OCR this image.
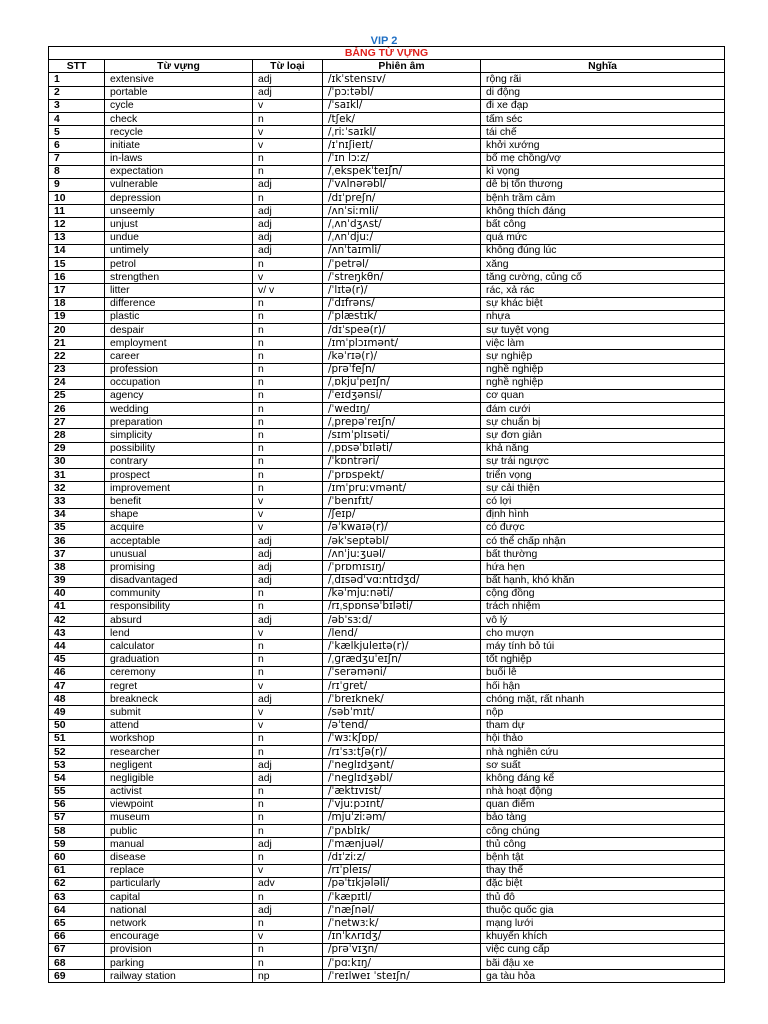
VIP 2
BẢNG TỪ VỰNG				
STT	Từ vựng	Từ loại	Phiên âm	Nghĩa
1	extensive	adj	/ɪkˈstensɪv/	rộng rãi
2	portable	adj	/ˈpɔːtəbl/	di động
3	cycle	v	/ˈsaɪkl/	đi xe đạp
4	check	n	/tʃek/	tấm séc
5	recycle	v	/ˌriːˈsaɪkl/	tái chế
6	initiate	v	/ɪˈnɪʃieɪt/	khởi xướng
7	in-laws	n	/ˈɪn lɔːz/	bố mẹ chồng/vợ
8	expectation	n	/ˌekspekˈteɪʃn/	kì vọng
9	vulnerable	adj	/ˈvʌlnərəbl/	dễ bị tổn thương
10	depression	n	/dɪˈpreʃn/	bệnh trầm cảm
11	unseemly	adj	/ʌnˈsiːmli/	không thích đáng
12	unjust	adj	/ˌʌnˈdʒʌst/	bất công
13	undue	adj	/ˌʌnˈdjuː/	quá mức
14	untimely	adj	/ʌnˈtaɪmli/	không đúng lúc
15	petrol	n	/ˈpetrəl/	xăng
16	strengthen	v	/ˈstreŋkθn/	tăng cường, củng cố
17	litter	v/ v	/ˈlɪtə(r)/	rác, xả rác
18	difference	n	/ˈdɪfrəns/	sự khác biệt
19	plastic	n	/ˈplæstɪk/	nhựa
20	despair	n	/dɪˈspeə(r)/	sự tuyệt vọng
21	employment	n	/ɪmˈplɔɪmənt/	việc làm
22	career	n	/kəˈrɪə(r)/	sự nghiệp
23	profession	n	/prəˈfeʃn/	nghề nghiệp
24	occupation	n	/ˌɒkjuˈpeɪʃn/	nghề nghiệp
25	agency	n	/ˈeɪdʒənsi/	cơ quan
26	wedding	n	/ˈwedɪŋ/	đám cưới
27	preparation	n	/ˌprepəˈreɪʃn/	sự chuẩn bị
28	simplicity	n	/sɪmˈplɪsəti/	sự đơn giản
29	possibility	n	/ˌpɒsəˈbɪləti/	khả năng
30	contrary	n	/ˈkɒntrəri/	sự trái ngược
31	prospect	n	/ˈprɒspekt/	triển vọng
32	improvement	n	/ɪmˈpruːvmənt/	sự cải thiện
33	benefit	v	/ˈbenɪfɪt/	có lợi
34	shape	v	/ʃeɪp/	định hình
35	acquire	v	/əˈkwaɪə(r)/	có được
36	acceptable	adj	/əkˈseptəbl/	có thể chấp nhận
37	unusual	adj	/ʌnˈjuːʒuəl/	bất thường
38	promising	adj	/ˈprɒmɪsɪŋ/	hứa hẹn
39	disadvantaged	adj	/ˌdɪsədˈvɑːntɪdʒd/	bất hạnh, khó khăn
40	community	n	/kəˈmjuːnəti/	cộng đồng
41	responsibility	n	/rɪˌspɒnsəˈbɪləti/	trách nhiệm
42	absurd	adj	/əbˈsɜːd/	vô lý
43	lend	v	/lend/	cho mượn
44	calculator	n	/ˈkælkjuleɪtə(r)/	máy tính bỏ túi
45	graduation	n	/ˌɡrædʒuˈeɪʃn/	tốt nghiệp
46	ceremony	n	/ˈserəməni/	buổi lễ
47	regret	v	/rɪˈɡret/	hối hận
48	breakneck	adj	/ˈbreɪknek/	chóng mặt, rất nhanh
49	submit	v	/səbˈmɪt/	nộp
50	attend	v	/əˈtend/	tham dự
51	workshop	n	/ˈwɜːkʃɒp/	hội thảo
52	researcher	n	/rɪˈsɜːtʃə(r)/	nhà nghiên cứu
53	negligent	adj	/ˈneɡlɪdʒənt/	sơ suất
54	negligible	adj	/ˈneɡlɪdʒəbl/	không đáng kể
55	activist	n	/ˈæktɪvɪst/	nhà hoạt động
56	viewpoint	n	/ˈvjuːpɔɪnt/	quan điểm
57	museum	n	/mjuˈziːəm/	bảo tàng
58	public	n	/ˈpʌblɪk/	công chúng
59	manual	adj	/ˈmænjuəl/	thủ công
60	disease	n	/dɪˈziːz/	bệnh tật
61	replace	v	/rɪˈpleɪs/	thay thế
62	particularly	adv	/pəˈtɪkjələli/	đặc biệt
63	capital	n	/ˈkæpɪtl/	thủ đô
64	national	adj	/ˈnæʃnəl/	thuộc quốc gia
65	network	n	/ˈnetwɜːk/	mạng lưới
66	encourage	v	/ɪnˈkʌrɪdʒ/	khuyến khích
67	provision	n	/prəˈvɪʒn/	việc cung cấp
68	parking	n	/ˈpɑːkɪŋ/	bãi đậu xe
69	railway station	np	/ˈreɪlweɪ ˈsteɪʃn/	ga tàu hỏa
